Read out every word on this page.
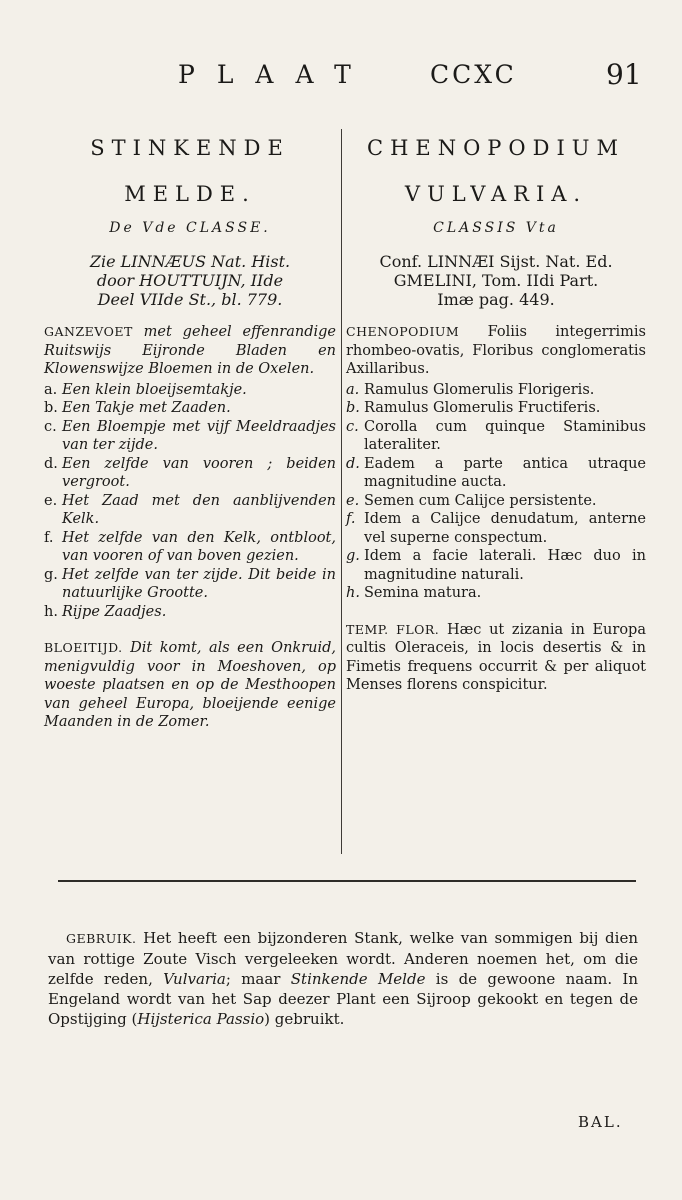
PLAAT CCXC	91
STINKENDE
MELDE.
De Vde CLASSE.
Zie LINNÆUS Nat. Hist.
door HOUTTUIJN, IIde
Deel VIIde St., bl. 779.
GANZEVOET met geheel effenrandige Ruitswijs Eijronde Bladen en Klowenswijze Bloemen in de Oxelen.
a. Een klein bloeijsemtakje.
b. Een Takje met Zaaden.
c. Een Bloempje met vijf Meeldraadjes van ter zijde.
d. Een zelfde van vooren ; beiden vergroot.
e. Het Zaad met den aanblijvenden Kelk.
f. Het zelfde van den Kelk, ontbloot, van vooren of van boven gezien.
g. Het zelfde van ter zijde. Dit beide in natuurlijke Grootte.
h. Rijpe Zaadjes.
BLOEITIJD. Dit komt, als een Onkruid, menigvuldig voor in Moeshoven, op woeste plaatsen en op de Mesthoopen van geheel Europa, bloeijende eenige Maanden in de Zomer.
CHENOPODIUM
VULVARIA.
CLASSIS Vta
Conf. LINNÆI Sijst. Nat. Ed.
GMELINI, Tom. IIdi Part.
Imæ pag. 449.
CHENOPODIUM Foliis integerrimis rhombeo-ovatis, Floribus conglomeratis Axillaribus.
a. Ramulus Glomerulis Florigeris.
b. Ramulus Glomerulis Fructiferis.
c. Corolla cum quinque Staminibus lateraliter.
d. Eadem a parte antica utraque magnitudine aucta.
e. Semen cum Calijce persistente.
f. Idem a Calijce denudatum, anterne vel superne conspectum.
g. Idem a facie laterali. Hæc duo in magnitudine naturali.
h. Semina matura.
TEMP. FLOR. Hæc ut zizania in Europa cultis Oleraceis, in locis desertis & in Fimetis frequens occurrit & per aliquot Menses florens conspicitur.
GEBRUIK. Het heeft een bijzonderen Stank, welke van sommigen bij dien van rottige Zoute Visch vergeleeken wordt. Anderen noemen het, om die zelfde reden, Vulvaria; maar Stinkende Melde is de gewoone naam. In Engeland wordt van het Sap deezer Plant een Sijroop gekookt en tegen de Opstijging (Hijsterica Passio) gebruikt.
BAL.
